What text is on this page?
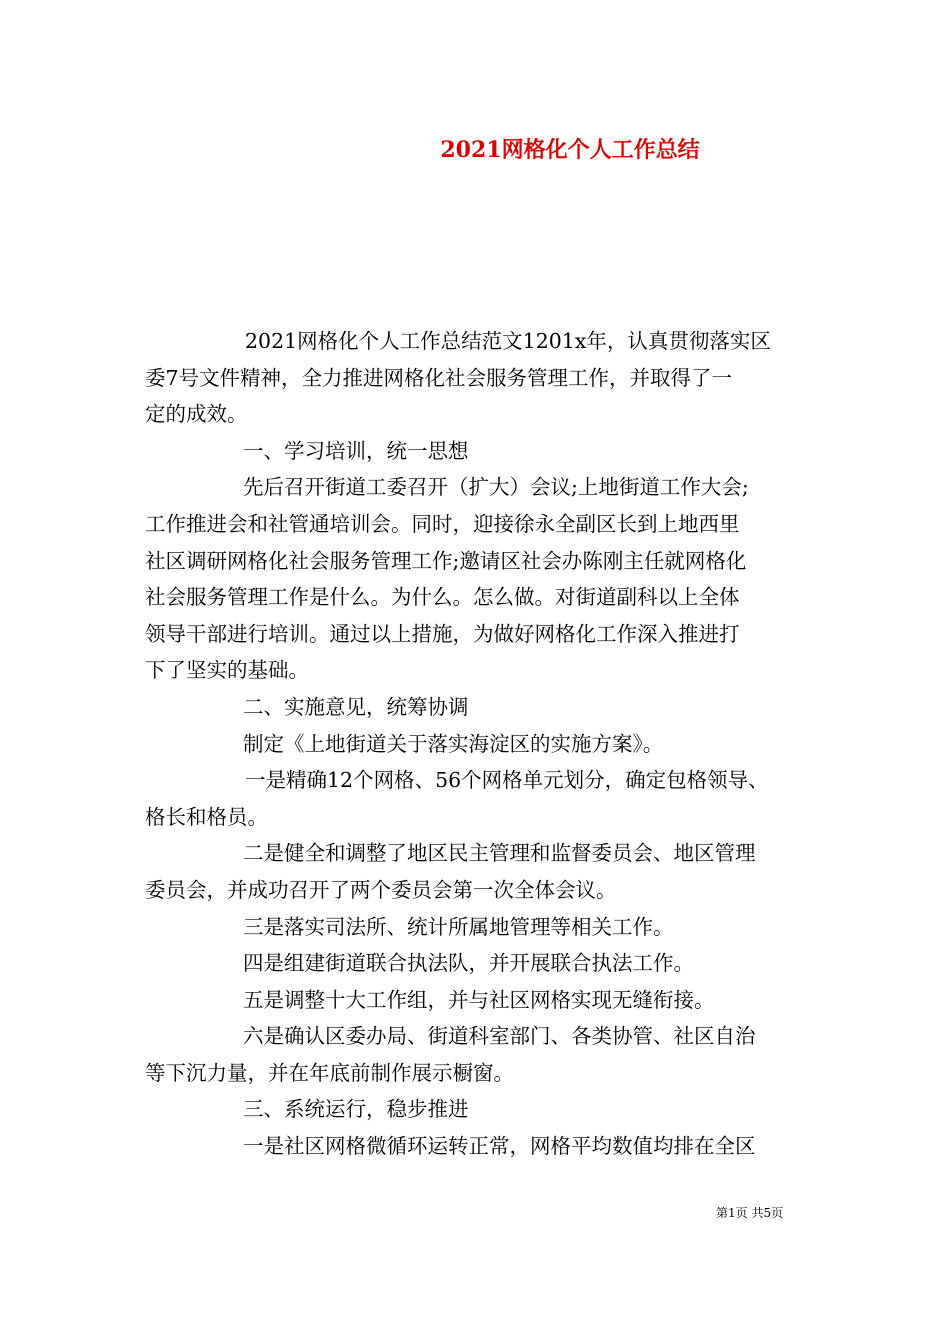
2021网格化个人工作总结

2021网格化个人工作总结范文1201x年，认真贯彻落实区

委7号文件精神，全力推进网格化社会服务管理工作，并取得了一

定的成效。

一、学习培训，统一思想

先后召开街道工委召开（扩大）会议;上地街道工作大会;

工作推进会和社管通培训会。同时，迎接徐永全副区长到上地西里

社区调研网格化社会服务管理工作;邀请区社会办陈刚主任就网格化

社会服务管理工作是什么。为什么。怎么做。对街道副科以上全体

领导干部进行培训。通过以上措施，为做好网格化工作深入推进打

下了坚实的基础。

二、实施意见，统筹协调

制定《上地街道关于落实海淀区的实施方案》。

一是精确12个网格、56个网格单元划分，确定包格领导、

格长和格员。

二是健全和调整了地区民主管理和监督委员会、地区管理

委员会，并成功召开了两个委员会第一次全体会议。

三是落实司法所、统计所属地管理等相关工作。

四是组建街道联合执法队，并开展联合执法工作。

五是调整十大工作组，并与社区网格实现无缝衔接。

六是确认区委办局、街道科室部门、各类协管、社区自治

等下沉力量，并在年底前制作展示橱窗。

三、系统运行，稳步推进

一是社区网格微循环运转正常，网格平均数值均排在全区

第1页 共5页
